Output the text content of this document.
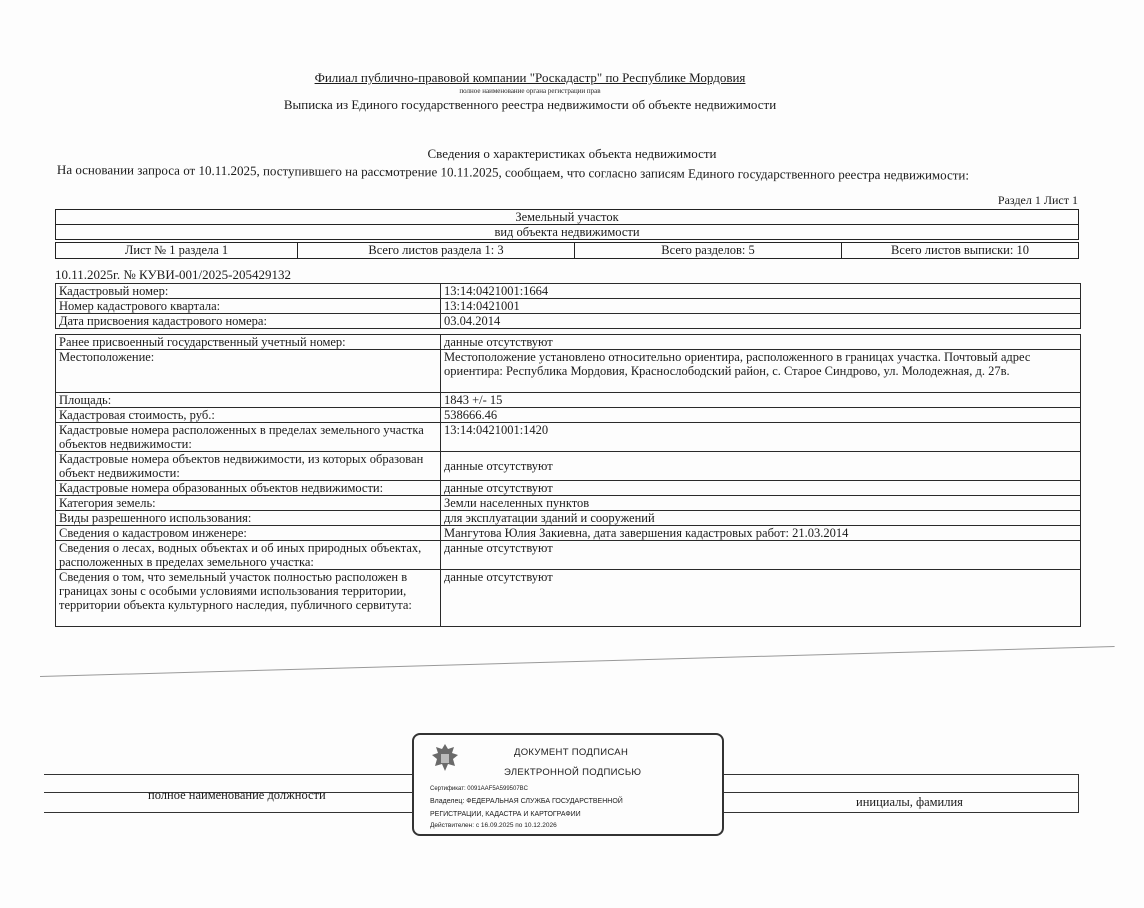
Филиал публично-правовой компании "Роскадастр" по Республике Мордовия
полное наименование органа регистрации прав
Выписка из Единого государственного реестра недвижимости об объекте недвижимости
Сведения о характеристиках объекта недвижимости
На основании запроса от 10.11.2025, поступившего на рассмотрение 10.11.2025, сообщаем, что согласно записям Единого государственного реестра недвижимости:
Раздел 1 Лист 1
Земельный участок
вид объекта недвижимости
Лист № 1 раздела 1	Всего листов раздела 1: 3	Всего разделов: 5	Всего листов выписки: 10
10.11.2025г. № КУВИ-001/2025-205429132
Кадастровый номер:	13:14:0421001:1664
Номер кадастрового квартала:	13:14:0421001
Дата присвоения кадастрового номера:	03.04.2014

Ранее присвоенный государственный учетный номер:	данные отсутствуют
Местоположение:	Местоположение установлено относительно ориентира, расположенного в границах участка. Почтовый адрес ориентира: Республика Мордовия, Краснослободский район, с. Старое Синдрово, ул. Молодежная, д. 27в.
Площадь:	1843 +/- 15
Кадастровая стоимость, руб.:	538666.46
Кадастровые номера расположенных в пределах земельного участка объектов недвижимости:	13:14:0421001:1420
Кадастровые номера объектов недвижимости, из которых образован объект недвижимости:	данные отсутствуют
Кадастровые номера образованных объектов недвижимости:	данные отсутствуют
Категория земель:	Земли населенных пунктов
Виды разрешенного использования:	для эксплуатации зданий и сооружений
Сведения о кадастровом инженере:	Мангутова Юлия Закиевна, дата завершения кадастровых работ: 21.03.2014
Сведения о лесах, водных объектах и об иных природных объектах, расположенных в пределах земельного участка:	данные отсутствуют
Сведения о том, что земельный участок полностью расположен в границах зоны с особыми условиями использования территории, территории объекта культурного наследия, публичного сервитута:	данные отсутствуют
полное наименование должности	инициалы, фамилия
ДОКУМЕНТ ПОДПИСАН
ЭЛЕКТРОННОЙ ПОДПИСЬЮ
Сертификат: 0091AAF5A599507BC
Владелец: ФЕДЕРАЛЬНАЯ СЛУЖБА ГОСУДАРСТВЕННОЙ
РЕГИСТРАЦИИ, КАДАСТРА И КАРТОГРАФИИ
Действителен: с 16.09.2025 по 10.12.2026
